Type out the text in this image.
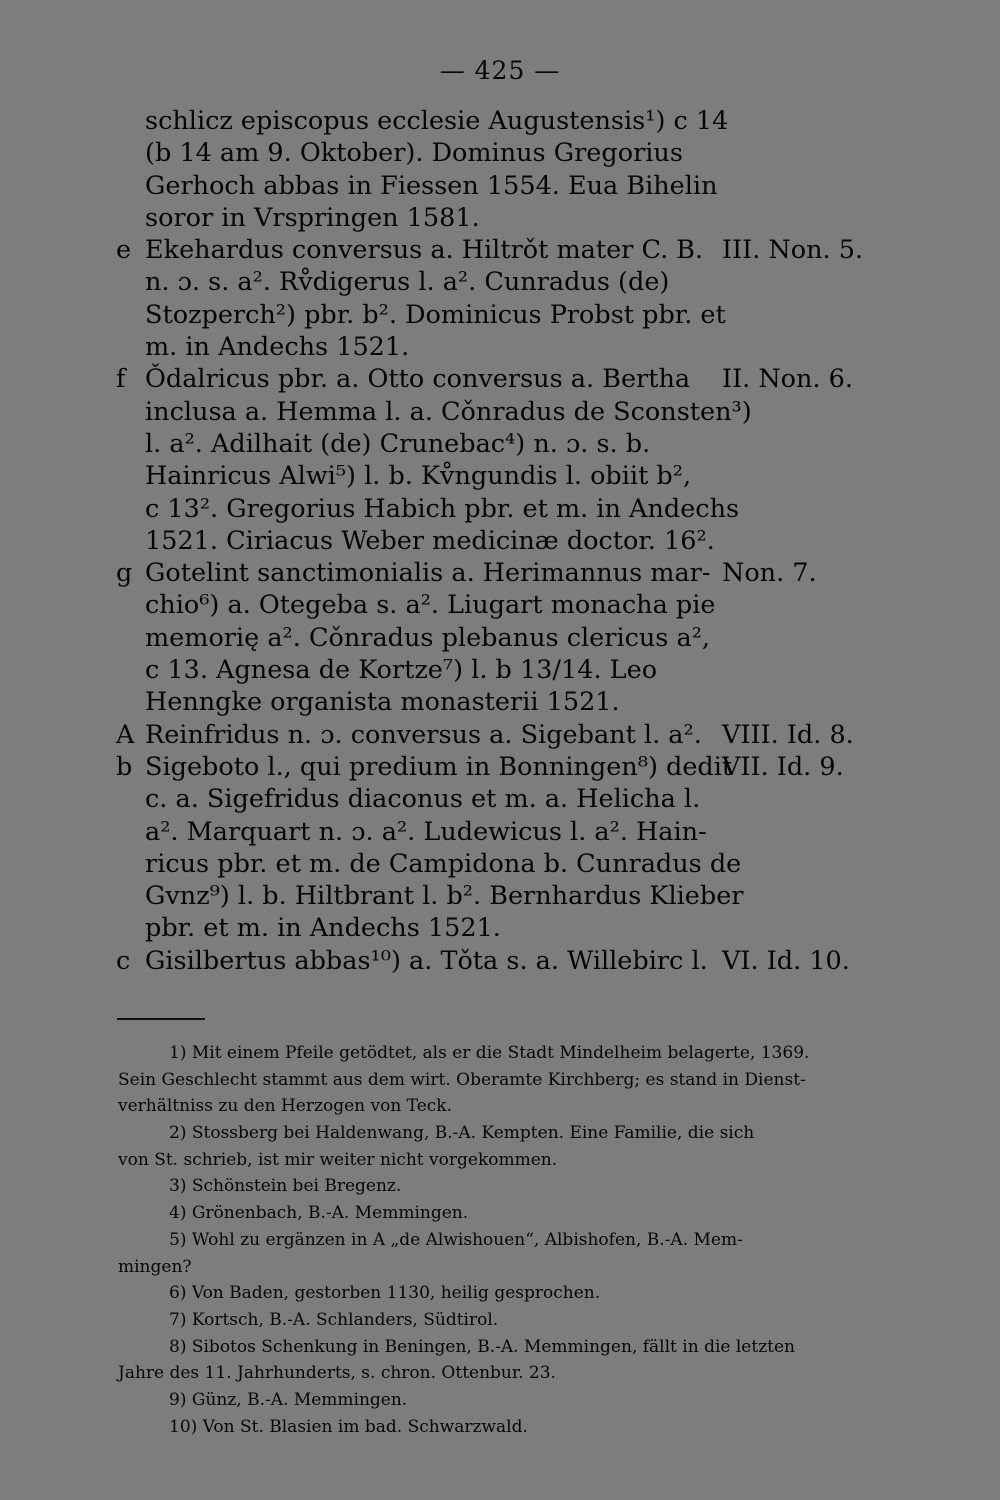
— 425 —
schlicz episcopus ecclesie Augustensis¹) c 14
(b 14 am 9. Oktober). Dominus Gregorius
Gerhoch abbas in Fiessen 1554. Eua Bihelin
soror in Vrspringen 1581.
e Ekehardus conversus a. Hiltrǒt mater C. B. III. Non. 5.
n. ɔ. s. a². Rv̊digerus l. a². Cunradus (de)
Stozperch²) pbr. b². Dominicus Probst pbr. et
m. in Andechs 1521.
f Ǒdalricus pbr. a. Otto conversus a. Bertha II. Non. 6.
inclusa a. Hemma l. a. Cǒnradus de Sconsten³)
l. a². Adilhait (de) Crunebac⁴) n. ɔ. s. b.
Hainricus Alwi⁵) l. b. Kv̊ngundis l. obiit b²,
c 13². Gregorius Habich pbr. et m. in Andechs
1521. Ciriacus Weber medicinæ doctor. 16².
g Gotelint sanctimonialis a. Herimannus mar- Non. 7.
chio⁶) a. Otegeba s. a². Liugart monacha pie
memorię a². Cǒnradus plebanus clericus a²,
c 13. Agnesa de Kortze⁷) l. b 13/14. Leo
Henngke organista monasterii 1521.
A Reinfridus n. ɔ. conversus a. Sigebant l. a². VIII. Id. 8.
b Sigeboto l., qui predium in Bonningen⁸) dedit
VII. Id. 9.
c. a. Sigefridus diaconus et m. a. Helicha l.
a². Marquart n. ɔ. a². Ludewicus l. a². Hain-
ricus pbr. et m. de Campidona b. Cunradus de
Gvnz⁹) l. b. Hiltbrant l. b². Bernhardus Klieber
pbr. et m. in Andechs 1521.
c Gisilbertus abbas¹⁰) a. Tǒta s. a. Willebirc l. VI. Id. 10.
1) Mit einem Pfeile getödtet, als er die Stadt Mindelheim belagerte, 1369.
Sein Geschlecht stammt aus dem wirt. Oberamte Kirchberg; es stand in Dienst-
verhältniss zu den Herzogen von Teck.
2) Stossberg bei Haldenwang, B.-A. Kempten. Eine Familie, die sich
von St. schrieb, ist mir weiter nicht vorgekommen.
3) Schönstein bei Bregenz.
4) Grönenbach, B.-A. Memmingen.
5) Wohl zu ergänzen in A „de Alwishouen“, Albishofen, B.-A. Mem-
mingen?
6) Von Baden, gestorben 1130, heilig gesprochen.
7) Kortsch, B.-A. Schlanders, Südtirol.
8) Sibotos Schenkung in Beningen, B.-A. Memmingen, fällt in die letzten
Jahre des 11. Jahrhunderts, s. chron. Ottenbur. 23.
9) Günz, B.-A. Memmingen.
10) Von St. Blasien im bad. Schwarzwald.
